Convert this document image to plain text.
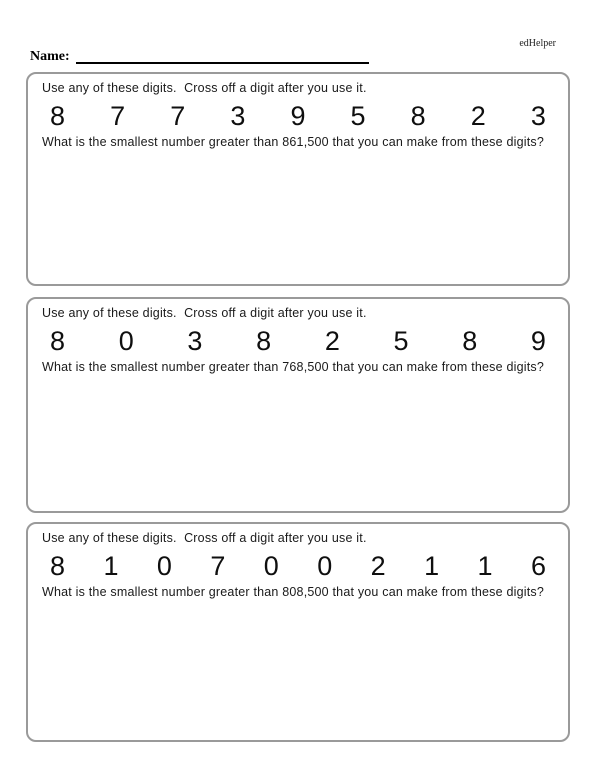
edHelper
Name:

Use any of these digits.  Cross off a digit after you use it.

8 7 7 3 9 5 8 2 3

What is the smallest number greater than 861,500 that you can make from these digits?

Use any of these digits.  Cross off a digit after you use it.

8 0 3 8 2 5 8 9

What is the smallest number greater than 768,500 that you can make from these digits?

Use any of these digits.  Cross off a digit after you use it.

8 1 0 7 0 0 2 1 1 6

What is the smallest number greater than 808,500 that you can make from these digits?
